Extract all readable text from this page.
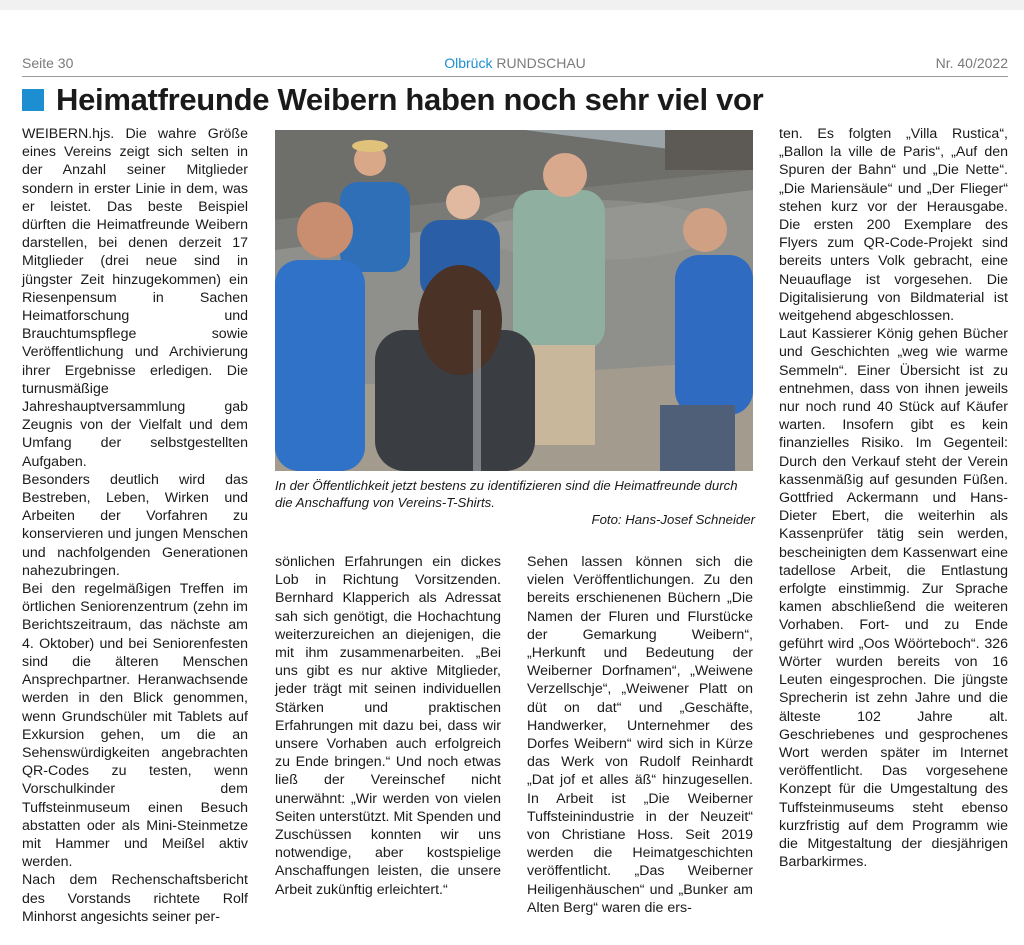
Seite 30	Olbrück RUNDSCHAU	Nr. 40/2022
Heimatfreunde Weibern haben noch sehr viel vor

WEIBERN.hjs. Die wahre Größe eines Vereins zeigt sich selten in der Anzahl seiner Mitglieder sondern in erster Linie in dem, was er leistet. Das beste Beispiel dürften die Heimatfreunde Weibern darstellen, bei denen derzeit 17 Mitglieder (drei neue sind in jüngster Zeit hinzugekommen) ein Riesenpensum in Sachen Heimatforschung und Brauchtumspflege sowie Veröffentlichung und Archivierung ihrer Ergebnisse erledigen. Die turnusmäßige Jahreshauptversammlung gab Zeugnis von der Vielfalt und dem Umfang der selbstgestellten Aufgaben.

Besonders deutlich wird das Bestreben, Leben, Wirken und Arbeiten der Vorfahren zu konservieren und jungen Menschen und nachfolgenden Generationen nahezubringen.

Bei den regelmäßigen Treffen im örtlichen Seniorenzentrum (zehn im Berichtszeitraum, das nächste am 4. Oktober) und bei Seniorenfesten sind die älteren Menschen Ansprechpartner. Heranwachsende werden in den Blick genommen, wenn Grundschüler mit Tablets auf Exkursion gehen, um die an Sehenswürdigkeiten angebrachten QR-Codes zu testen, wenn Vorschulkinder dem Tuffsteinmuseum einen Besuch abstatten oder als Mini-Steinmetze mit Hammer und Meißel aktiv werden.

Nach dem Rechenschaftsbericht des Vorstands richtete Rolf Minhorst angesichts seiner per-

In der Öffentlichkeit jetzt bestens zu identifizieren sind die Heimatfreunde durch die Anschaffung von Vereins-T-Shirts.
Foto: Hans-Josef Schneider

sönlichen Erfahrungen ein dickes Lob in Richtung Vorsitzenden. Bernhard Klapperich als Adressat sah sich genötigt, die Hochachtung weiterzureichen an diejenigen, die mit ihm zusammenarbeiten. „Bei uns gibt es nur aktive Mitglieder, jeder trägt mit seinen individuellen Stärken und praktischen Erfahrungen mit dazu bei, dass wir unsere Vorhaben auch erfolgreich zu Ende bringen.“ Und noch etwas ließ der Vereinschef nicht unerwähnt: „Wir werden von vielen Seiten unterstützt. Mit Spenden und Zuschüssen konnten wir uns notwendige, aber kostspielige Anschaffungen leisten, die unsere Arbeit zukünftig erleichtert.“

Sehen lassen können sich die vielen Veröffentlichungen. Zu den bereits erschienenen Büchern „Die Namen der Fluren und Flurstücke der Gemarkung Weibern“, „Herkunft und Bedeutung der Weiberner Dorfnamen“, „Weiwene Verzellschje“, „Weiwener Platt on düt on dat“ und „Geschäfte, Handwerker, Unternehmer des Dorfes Weibern“ wird sich in Kürze das Werk von Rudolf Reinhardt „Dat jof et alles äß“ hinzugesellen. In Arbeit ist „Die Weiberner Tuffsteinindustrie in der Neuzeit“ von Christiane Hoss. Seit 2019 werden die Heimatgeschichten veröffentlicht. „Das Weiberner Heiligenhäuschen“ und „Bunker am Alten Berg“ waren die ers-

ten. Es folgten „Villa Rustica“, „Ballon la ville de Paris“, „Auf den Spuren der Bahn“ und „Die Nette“. „Die Mariensäule“ und „Der Flieger“ stehen kurz vor der Herausgabe. Die ersten 200 Exemplare des Flyers zum QR-Code-Projekt sind bereits unters Volk gebracht, eine Neuauflage ist vorgesehen. Die Digitalisierung von Bildmaterial ist weitgehend abgeschlossen.

Laut Kassierer König gehen Bücher und Geschichten „weg wie warme Semmeln“. Einer Übersicht ist zu entnehmen, dass von ihnen jeweils nur noch rund 40 Stück auf Käufer warten. Insofern gibt es kein finanzielles Risiko. Im Gegenteil: Durch den Verkauf steht der Verein kassenmäßig auf gesunden Füßen. Gottfried Ackermann und Hans-Dieter Ebert, die weiterhin als Kassenprüfer tätig sein werden, bescheinigten dem Kassenwart eine tadellose Arbeit, die Entlastung erfolgte einstimmig. Zur Sprache kamen abschließend die weiteren Vorhaben. Fort- und zu Ende geführt wird „Oos Wöörteboch“. 326 Wörter wurden bereits von 16 Leuten eingesprochen. Die jüngste Sprecherin ist zehn Jahre und die älteste 102 Jahre alt. Geschriebenes und gesprochenes Wort werden später im Internet veröffentlicht. Das vorgesehene Konzept für die Umgestaltung des Tuffsteinmuseums steht ebenso kurzfristig auf dem Programm wie die Mitgestaltung der diesjährigen Barbarkirmes.
